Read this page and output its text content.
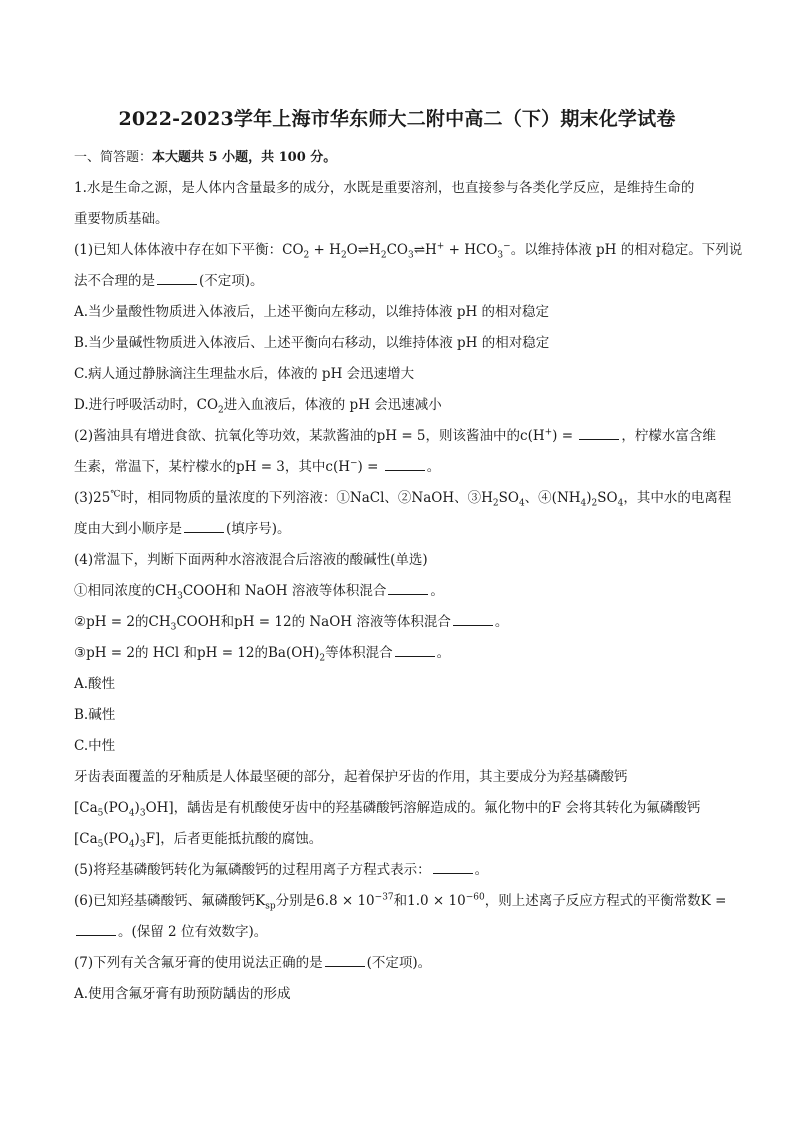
2022-2023学年上海市华东师大二附中高二（下）期末化学试卷
一、简答题：本大题共 5 小题，共 100 分。
1.水是生命之源，是人体内含量最多的成分，水既是重要溶剂，也直接参与各类化学反应，是维持生命的
重要物质基础。
(1)已知人体体液中存在如下平衡：$CO_2$ + $H_2O\rightleftharpoons H_2CO_3\rightleftharpoons H^+ + HCO_3^-$。以维持体液 pH 的相对稳定。下列说
法不合理的是	(不定项)。
A.当少量酸性物质进入体液后，上述平衡向左移动，以维持体液 pH 的相对稳定
B.当少量碱性物质进入体液后、上述平衡向右移动，以维持体液 pH 的相对稳定
C.病人通过静脉滴注生理盐水后，体液的 pH 会迅速增大
D.进行呼吸活动时，$CO_2$进入血液后，体液的 pH 会迅速减小
(2)酱油具有增进食欲、抗氧化等功效，某款酱油的pH = 5，则该酱油中的c(H+) =	，柠檬水富含维
生素，常温下，某柠檬水的pH = 3，其中c(H−) =	。
(3)25℃时，相同物质的量浓度的下列溶液：①NaCl、②NaOH、$③H_2SO_4$、$④(NH_4)_2SO_4$，其中水的电离程
度由大到小顺序是	(填序号)。
(4)常温下，判断下面两种水溶液混合后溶液的酸碱性(单选)
①相同浓度的$CH_3COOH$和 NaOH 溶液等体积混合	。
②pH = 2的$CH_3COOH$和pH = 12的 NaOH 溶液等体积混合	。
③pH = 2的 HCl 和pH = 12的$Ba(OH)_2$等体积混合	。
A.酸性
B.碱性
C.中性
牙齿表面覆盖的牙釉质是人体最坚硬的部分，起着保护牙齿的作用，其主要成分为羟基磷酸钙
$[Ca_5(PO_4)_3OH]$，龋齿是有机酸使牙齿中的羟基磷酸钙溶解造成的。氟化物中的F 会将其转化为氟磷酸钙
$[Ca_5(PO_4)_3F]$，后者更能抵抗酸的腐蚀。
(5)将羟基磷酸钙转化为氟磷酸钙的过程用离子方程式表示：	。
(6)已知羟基磷酸钙、氟磷酸钙$K_{sp}$分别是$6.8 \times 10^{-37}$和$1.0 \times 10^{-60}$，则上述离子反应方程式的平衡常数K =
。(保留 2 位有效数字)。
(7)下列有关含氟牙膏的使用说法正确的是	(不定项)。
A.使用含氟牙膏有助预防龋齿的形成
